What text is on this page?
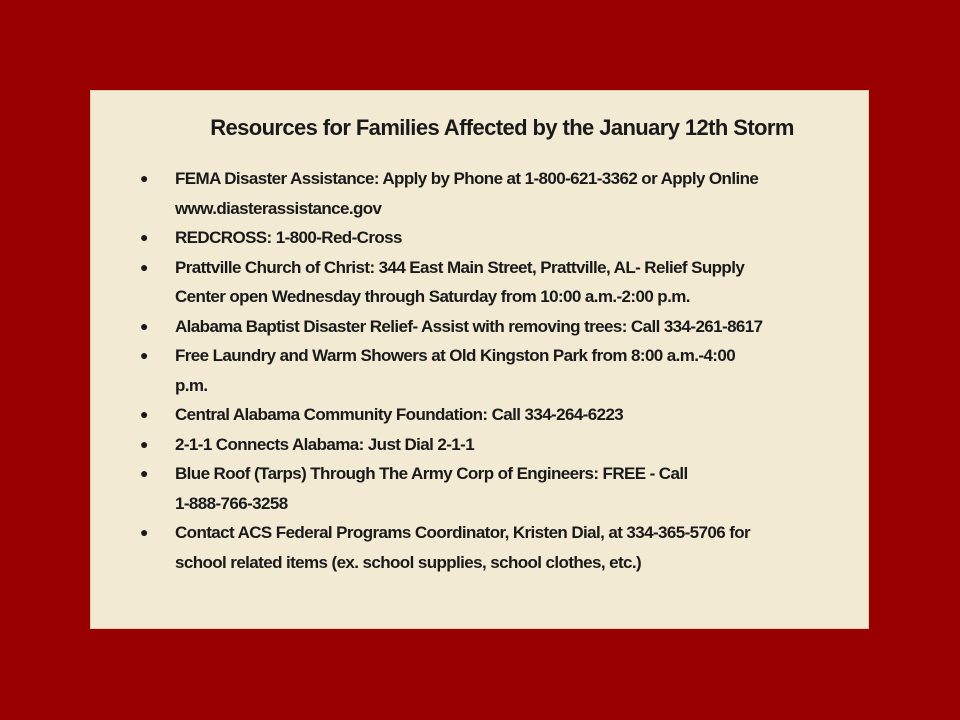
Resources for Families Affected by the January 12th Storm
● FEMA Disaster Assistance: Apply by Phone at 1-800-621-3362 or Apply Online
www.diasterassistance.gov
● REDCROSS: 1-800-Red-Cross
● Prattville Church of Christ: 344 East Main Street, Prattville, AL- Relief Supply
Center open Wednesday through Saturday from 10:00 a.m.-2:00 p.m.
● Alabama Baptist Disaster Relief- Assist with removing trees: Call 334-261-8617
● Free Laundry and Warm Showers at Old Kingston Park from 8:00 a.m.-4:00
p.m.
● Central Alabama Community Foundation: Call 334-264-6223
● 2-1-1 Connects Alabama: Just Dial 2-1-1
● Blue Roof (Tarps) Through The Army Corp of Engineers: FREE - Call
1-888-766-3258
● Contact ACS Federal Programs Coordinator, Kristen Dial, at 334-365-5706 for
school related items (ex. school supplies, school clothes, etc.)
